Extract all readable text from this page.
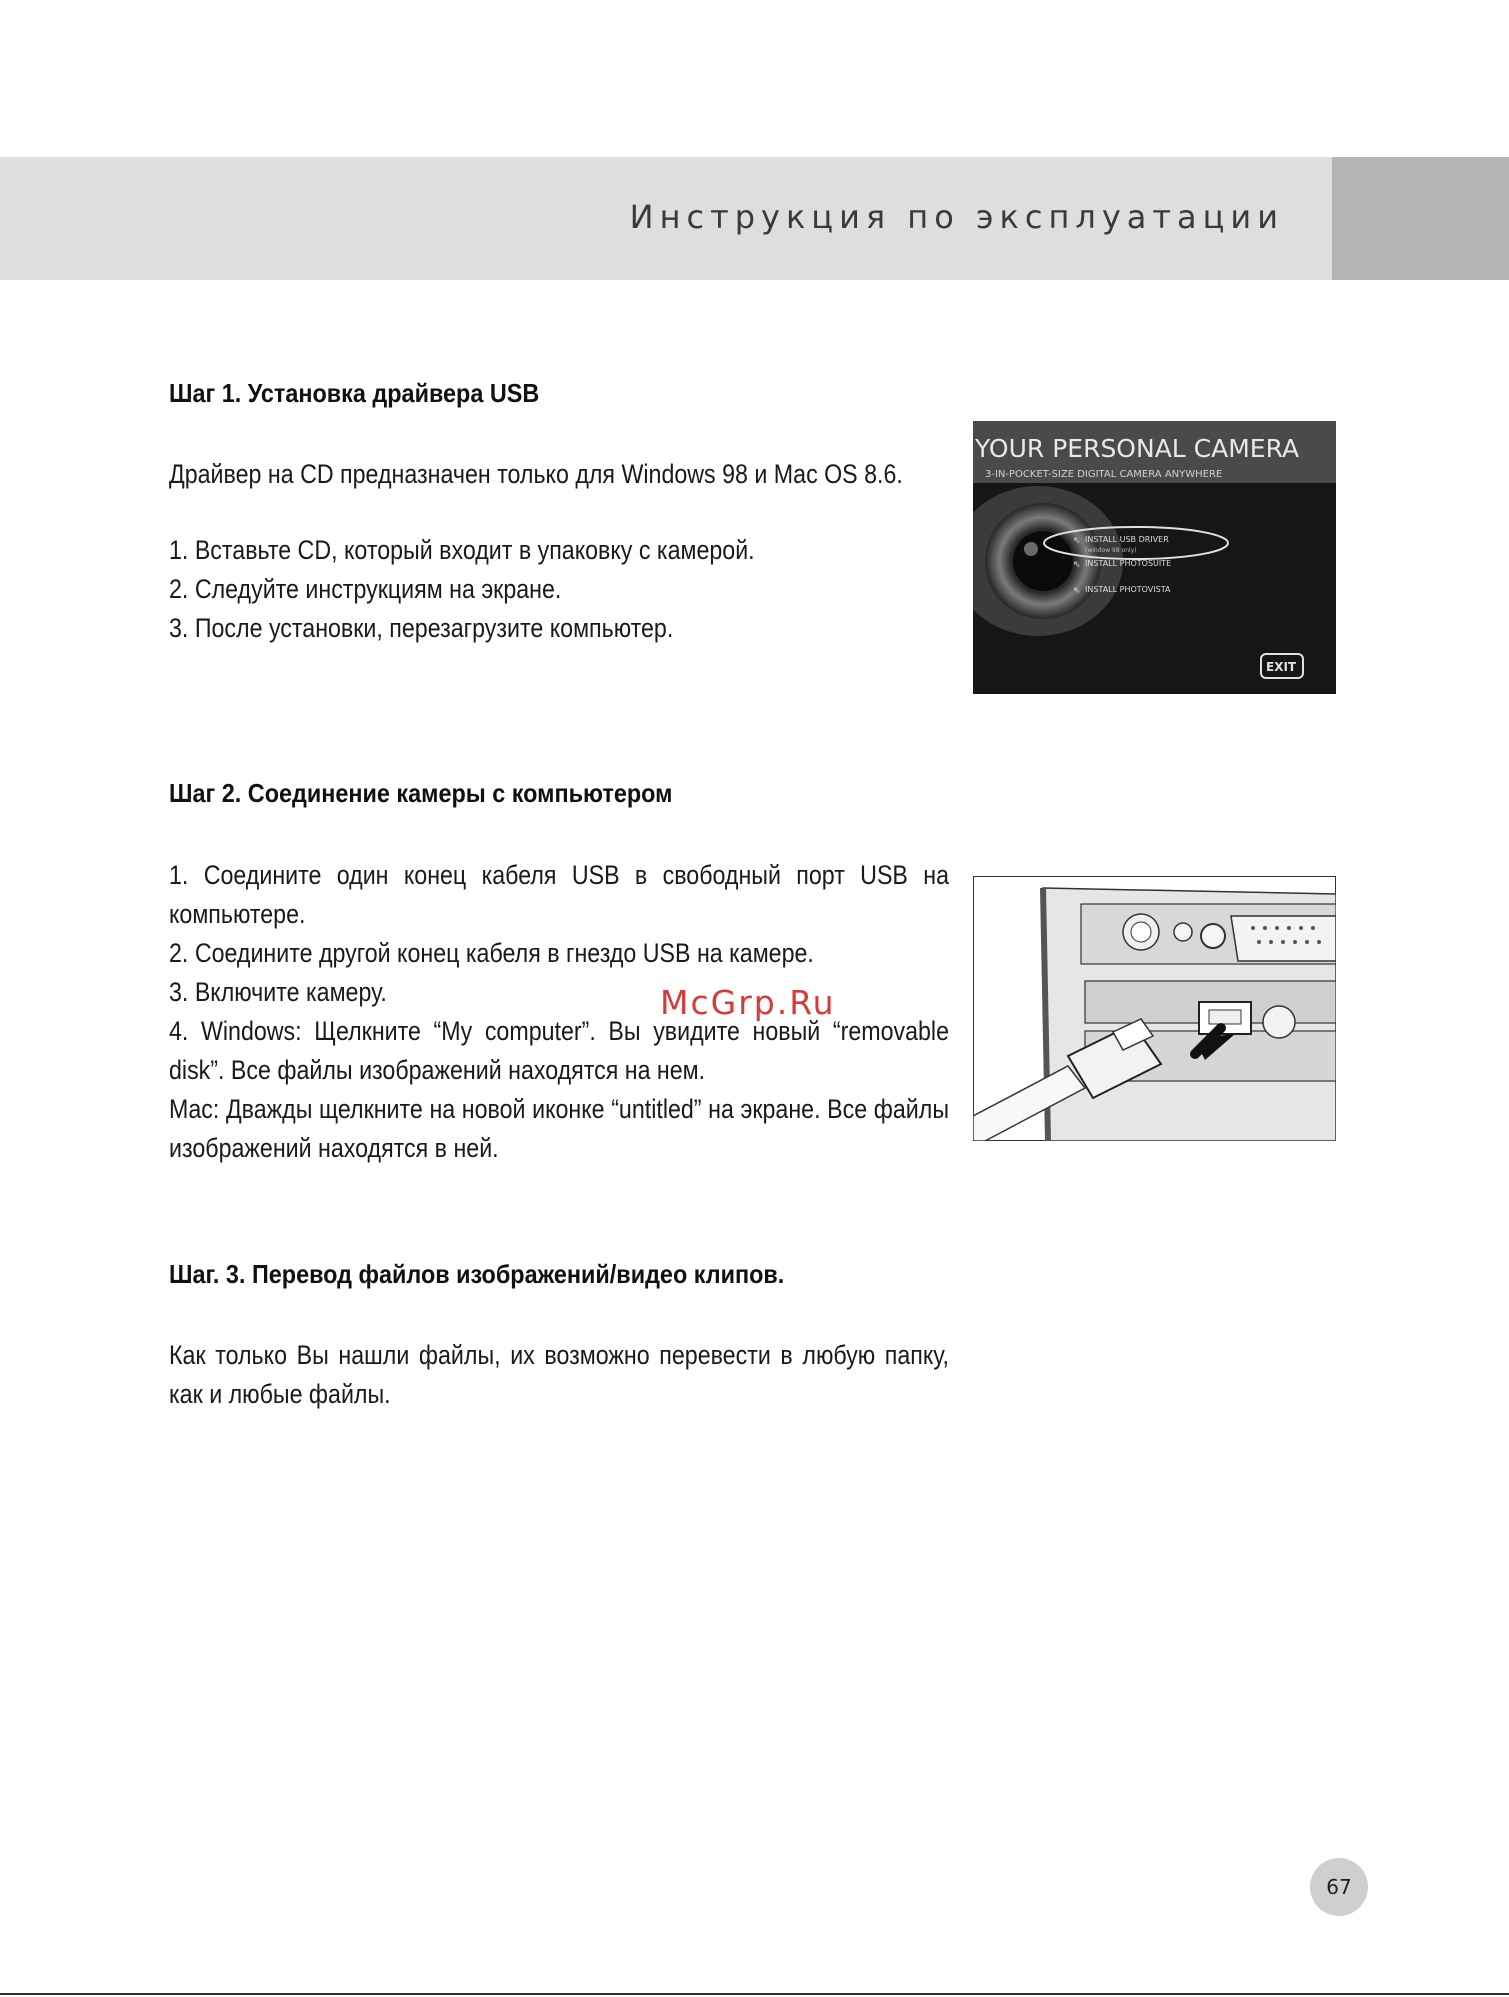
Инструкция по эксплуатации
Шаг 1. Установка драйвера USB

Драйвер на CD предназначен только для Windows 98 и Mac OS 8.6.

1. Вставьте CD, который входит в упаковку с камерой.
2. Следуйте инструкциям на экране.
3. После установки, перезагрузите компьютер.
YOUR PERSONAL CAMERA
3-IN-POCKET-SIZE DIGITAL CAMERA ANYWHERE
⇖ INSTALL USB DRIVER
(window 98 only)
⇖ INSTALL PHOTOSUITE
⇖ INSTALL PHOTOVISTA
EXIT
Шаг 2. Соединение камеры с компьютером
1. Соедините один конец кабеля USB в свободный порт USB на компьютере.
2. Соедините другой конец кабеля в гнездо USB на камере.
3. Включите камеру.
4. Windows: Щелкните “My computer”. Вы увидите новый “removable disk”. Все файлы изображений находятся на нем.
Mac: Дважды щелкните на новой иконке “untitled” на экране. Все файлы изображений находятся в ней.
McGrp.Ru
Шаг. 3. Перевод файлов изображений/видео клипов.

Как только Вы нашли файлы, их возможно перевести в любую папку, как и любые файлы.

67
